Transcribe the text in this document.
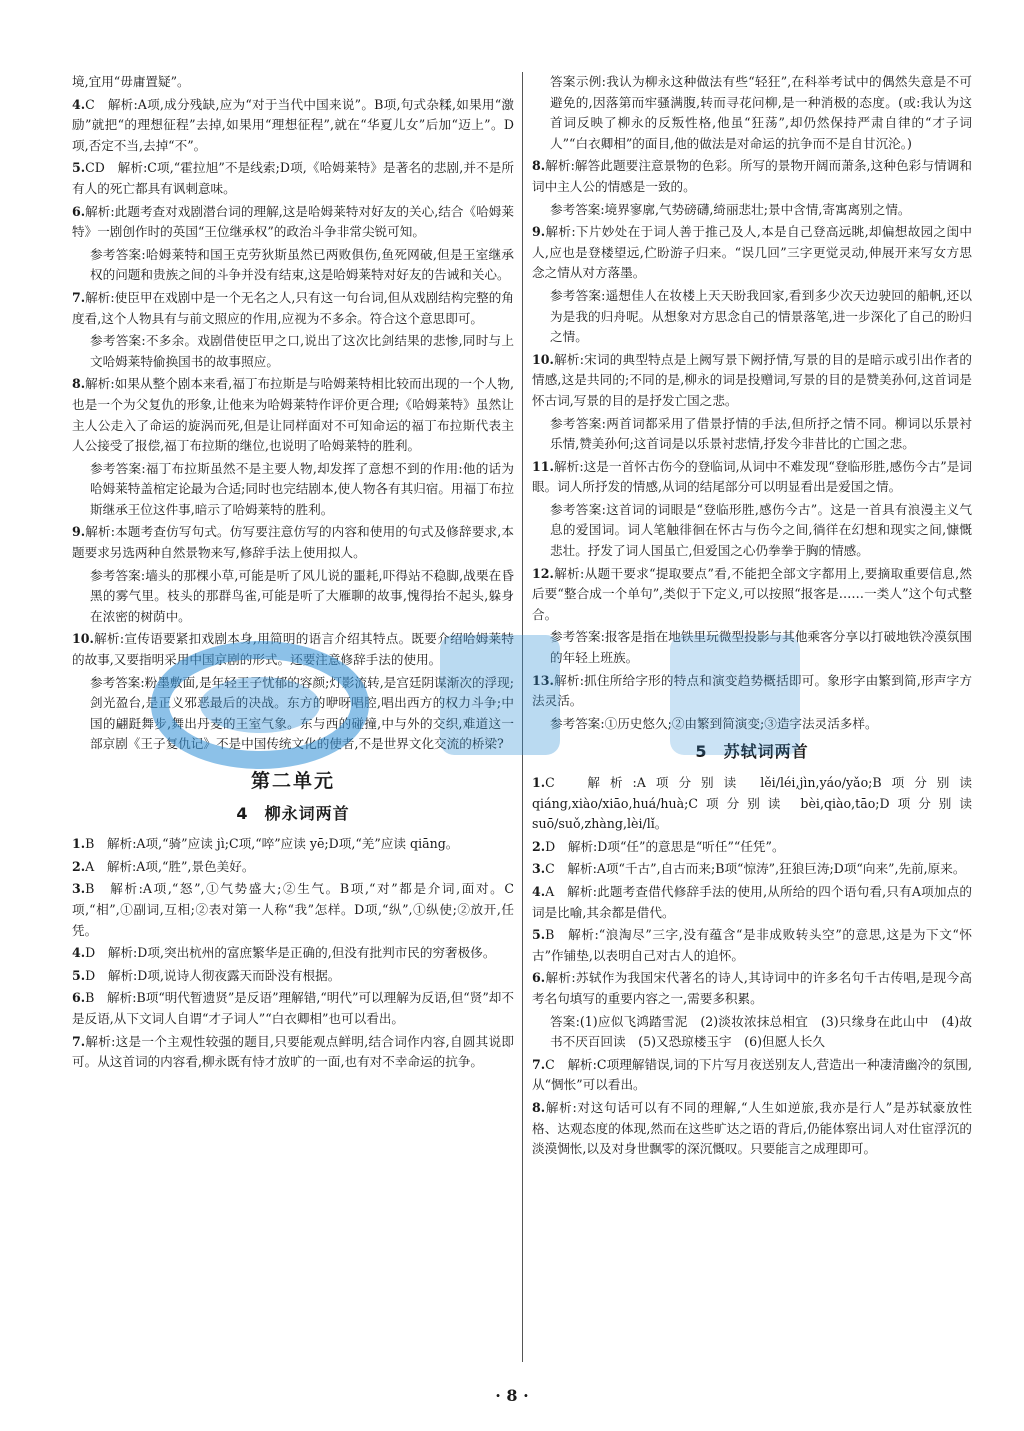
境,宜用“毋庸置疑”。
4.C　解析:A项,成分残缺,应为“对于当代中国来说”。B项,句式杂糅,如果用“激励”就把“的理想征程”去掉,如果用“理想征程”,就在“华夏儿女”后加“迈上”。D项,否定不当,去掉“不”。
5.CD　解析:C项,“霍拉旭”不是线索;D项,《哈姆莱特》是著名的悲剧,并不是所有人的死亡都具有讽刺意味。
6.解析:此题考查对戏剧潜台词的理解,这是哈姆莱特对好友的关心,结合《哈姆莱特》一剧创作时的英国“王位继承权”的政治斗争非常尖锐可知。
参考答案:哈姆莱特和国王克劳狄斯虽然已两败俱伤,鱼死网破,但是王室继承权的问题和贵族之间的斗争并没有结束,这是哈姆莱特对好友的告诫和关心。
7.解析:使臣甲在戏剧中是一个无名之人,只有这一句台词,但从戏剧结构完整的角度看,这个人物具有与前文照应的作用,应视为不多余。符合这个意思即可。
参考答案:不多余。戏剧借使臣甲之口,说出了这次比剑结果的悲惨,同时与上文哈姆莱特偷换国书的故事照应。
8.解析:如果从整个剧本来看,福丁布拉斯是与哈姆莱特相比较而出现的一个人物,也是一个为父复仇的形象,让他来为哈姆莱特作评价更合理;《哈姆莱特》虽然让主人公走入了命运的旋涡而死,但是让同样面对不可知命运的福丁布拉斯代表主人公接受了报偿,福丁布拉斯的继位,也说明了哈姆莱特的胜利。
参考答案:福丁布拉斯虽然不是主要人物,却发挥了意想不到的作用:他的话为哈姆莱特盖棺定论最为合适;同时也完结剧本,使人物各有其归宿。用福丁布拉斯继承王位这件事,暗示了哈姆莱特的胜利。
9.解析:本题考查仿写句式。仿写要注意仿写的内容和使用的句式及修辞要求,本题要求另选两种自然景物来写,修辞手法上使用拟人。
参考答案:墙头的那棵小草,可能是听了风儿说的噩耗,吓得站不稳脚,战栗在昏黑的雾气里。枝头的那群鸟雀,可能是听了大雁聊的故事,愧得抬不起头,躲身在浓密的树荫中。
10.解析:宣传语要紧扣戏剧本身,用简明的语言介绍其特点。既要介绍哈姆莱特的故事,又要指明采用中国京剧的形式。还要注意修辞手法的使用。
参考答案:粉墨敷面,是年轻王子忧郁的容颜;灯影流转,是宫廷阴谋渐次的浮现;剑光盈台,是正义邪恶最后的决战。东方的咿呀唱腔,唱出西方的权力斗争;中国的翩跹舞步,舞出丹麦的王室气象。东与西的碰撞,中与外的交织,难道这一部京剧《王子复仇记》不是中国传统文化的使者,不是世界文化交流的桥梁?
第二单元
4 柳永词两首
1.B　解析:A项,“骑”应读 jì;C项,“啐”应读 yē;D项,“羌”应读 qiāng。
2.A　解析:A项,“胜”,景色美好。
3.B　解析:A项,“怒”,①气势盛大;②生气。B项,“对”都是介词,面对。C项,“相”,①副词,互相;②表对第一人称“我”怎样。D项,“纵”,①纵使;②放开,任凭。
4.D　解析:D项,突出杭州的富庶繁华是正确的,但没有批判市民的穷奢极侈。
5.D　解析:D项,说诗人彻夜露天而卧没有根据。
6.B　解析:B项“明代暂遗贤”是反语”理解错,“明代”可以理解为反语,但“贤”却不是反语,从下文词人自谓“才子词人”“白衣卿相”也可以看出。
7.解析:这是一个主观性较强的题目,只要能观点鲜明,结合词作内容,自圆其说即可。从这首词的内容看,柳永既有恃才放旷的一面,也有对不幸命运的抗争。
答案示例:我认为柳永这种做法有些“轻狂”,在科举考试中的偶然失意是不可避免的,因落第而牢骚满腹,转而寻花问柳,是一种消极的态度。(或:我认为这首词反映了柳永的反叛性格,他虽“狂荡”,却仍然保持严肃自律的“才子词人”“白衣卿相”的面目,他的做法是对命运的抗争而不是自甘沉沦。)
8.解析:解答此题要注意景物的色彩。所写的景物开阔而萧条,这种色彩与情调和词中主人公的情感是一致的。
参考答案:境界寥廓,气势磅礴,绮丽悲壮;景中含情,寄寓离别之情。
9.解析:下片妙处在于词人善于推己及人,本是自己登高远眺,却偏想故园之闺中人,应也是登楼望远,伫盼游子归来。“误几回”三字更觉灵动,伸展开来写女方思念之情从对方落墨。
参考答案:遥想佳人在妆楼上天天盼我回家,看到多少次天边驶回的船帆,还以为是我的归舟呢。从想象对方思念自己的情景落笔,进一步深化了自己的盼归之情。
10.解析:宋词的典型特点是上阙写景下阙抒情,写景的目的是暗示或引出作者的情感,这是共同的;不同的是,柳永的词是投赠词,写景的目的是赞美孙何,这首词是怀古词,写景的目的是抒发亡国之悲。
参考答案:两首词都采用了借景抒情的手法,但所抒之情不同。柳词以乐景衬乐情,赞美孙何;这首词是以乐景衬悲情,抒发今非昔比的亡国之悲。
11.解析:这是一首怀古伤今的登临词,从词中不难发现“登临形胜,感伤今古”是词眼。词人所抒发的情感,从词的结尾部分可以明显看出是爱国之情。
参考答案:这首词的词眼是“登临形胜,感伤今古”。这是一首具有浪漫主义气息的爱国词。词人笔触徘徊在怀古与伤今之间,徜徉在幻想和现实之间,慷慨悲壮。抒发了词人国虽亡,但爱国之心仍拳拳于胸的情感。
12.解析:从题干要求“提取要点”看,不能把全部文字都用上,要摘取重要信息,然后要“整合成一个单句”,类似于下定义,可以按照“报客是……一类人”这个句式整合。
参考答案:报客是指在地铁里玩微型投影与其他乘客分享以打破地铁冷漠氛围的年轻上班族。
13.解析:抓住所给字形的特点和演变趋势概括即可。象形字由繁到简,形声字方法灵活。
参考答案:①历史悠久;②由繁到简演变;③造字法灵活多样。
5 苏轼词两首
1.C　解析:A项分别读 lěi/léi,jìn,yáo/yǎo;B项分别读 qiáng,xiào/xiāo,huá/huà;C项分别读 bèi,qiào,tāo;D项分别读 suō/suǒ,zhàng,lèi/lǐ。
2.D　解析:D项“任”的意思是“听任”“任凭”。
3.C　解析:A项“千古”,自古而来;B项“惊涛”,狂狼巨涛;D项“向来”,先前,原来。
4.A　解析:此题考查借代修辞手法的使用,从所给的四个语句看,只有A项加点的词是比喻,其余都是借代。
5.B　解析:“浪淘尽”三字,没有蕴含“是非成败转头空”的意思,这是为下文“怀古”作铺垫,以表明自己对古人的追怀。
6.解析:苏轼作为我国宋代著名的诗人,其诗词中的许多名句千古传唱,是现今高考名句填写的重要内容之一,需要多积累。
答案:(1)应似飞鸿踏雪泥　(2)淡妆浓抹总相宜　(3)只缘身在此山中　(4)故书不厌百回读　(5)又恐琼楼玉宇　(6)但愿人长久
7.C　解析:C项理解错误,词的下片写月夜送别友人,营造出一种凄清幽冷的氛围,从“惆怅”可以看出。
8.解析:对这句话可以有不同的理解,“人生如逆旅,我亦是行人”是苏轼豪放性格、达观态度的体现,然而在这些旷达之语的背后,仍能体察出词人对仕宦浮沉的淡漠惆怅,以及对身世飘零的深沉慨叹。只要能言之成理即可。
· 8 ·
